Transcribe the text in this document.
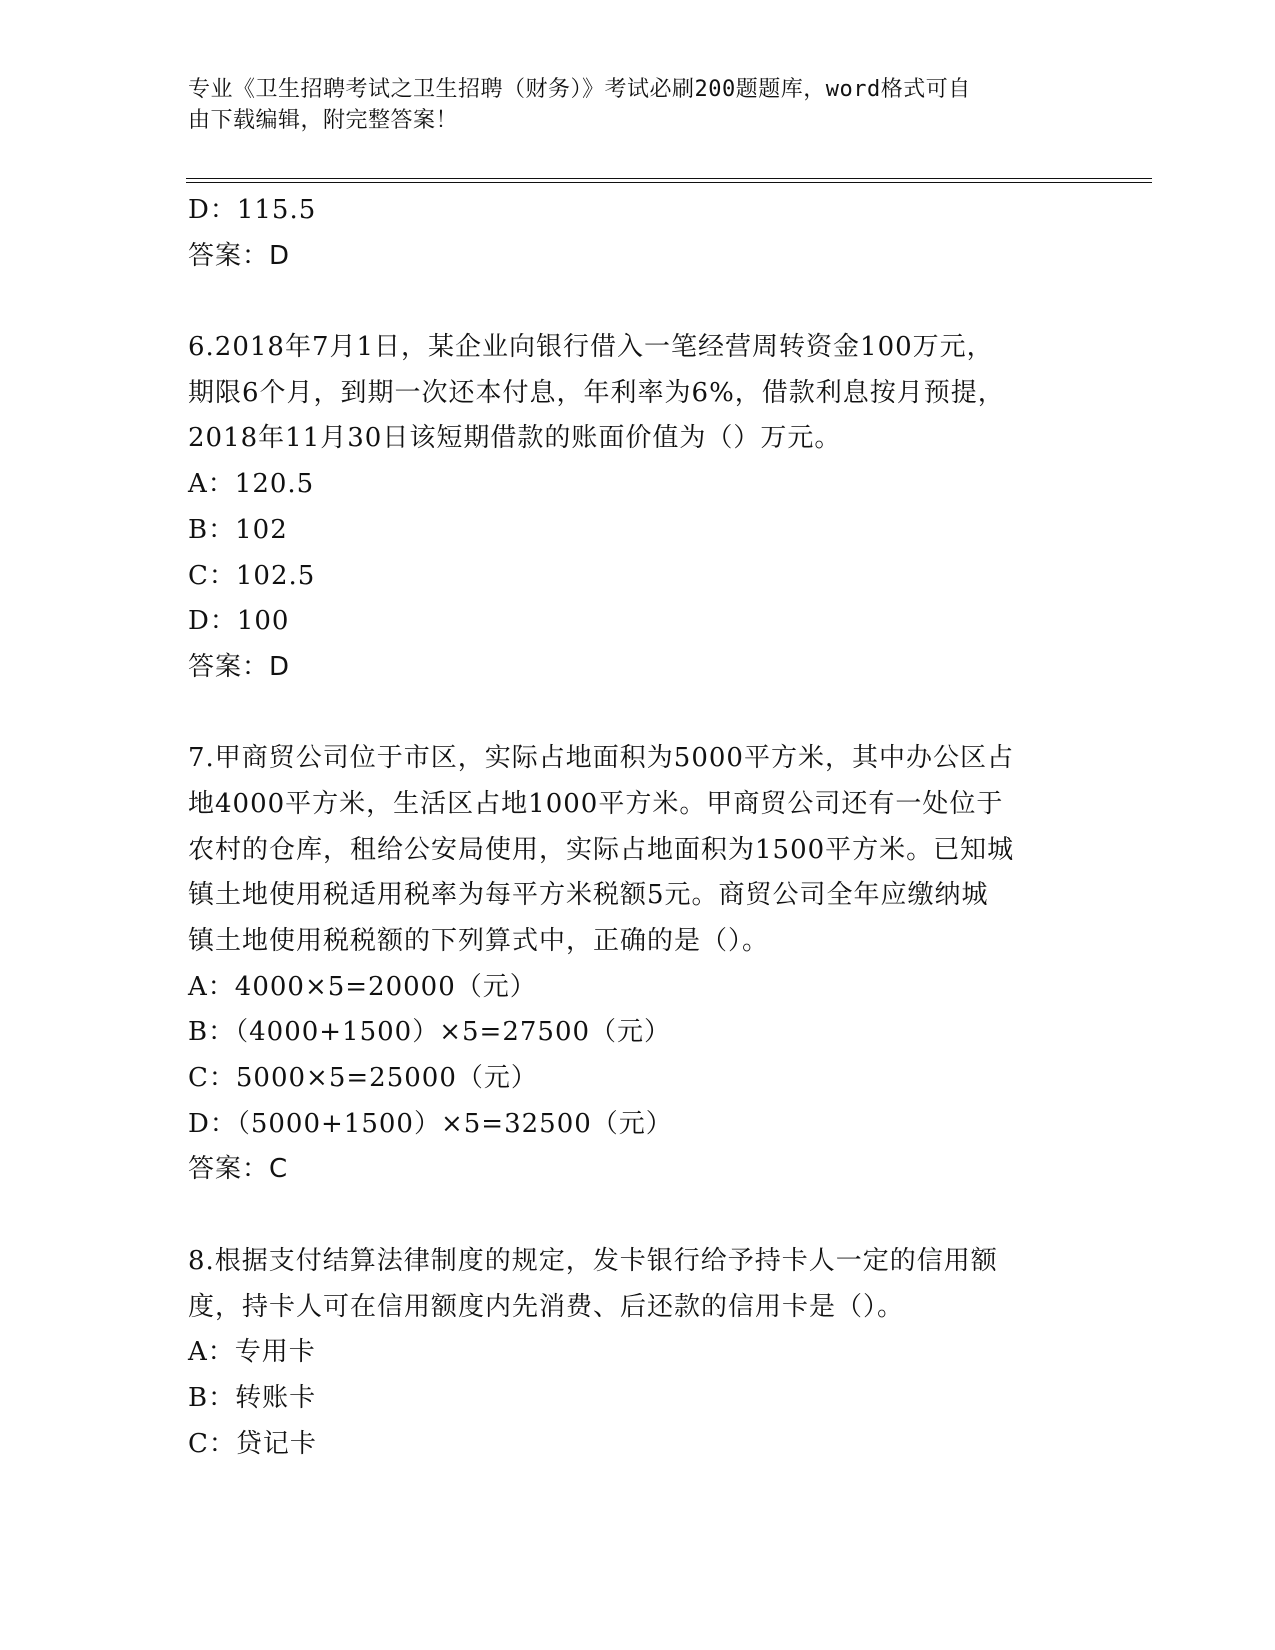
专业《卫生招聘考试之卫生招聘（财务）》考试必刷200题题库，word格式可自
由下载编辑，附完整答案！
D：115.5
答案：D
6.2018年7月1日，某企业向银行借入一笔经营周转资金100万元，
期限6个月，到期一次还本付息，年利率为6%，借款利息按月预提，
2018年11月30日该短期借款的账面价值为（）万元。
A：120.5
B：102
C：102.5
D：100
答案：D
7.甲商贸公司位于市区，实际占地面积为5000平方米，其中办公区占
地4000平方米，生活区占地1000平方米。甲商贸公司还有一处位于
农村的仓库，租给公安局使用，实际占地面积为1500平方米。已知城
镇土地使用税适用税率为每平方米税额5元。商贸公司全年应缴纳城
镇土地使用税税额的下列算式中，正确的是（）。
A：4000×5=20000（元）
B：（4000+1500）×5=27500（元）
C：5000×5=25000（元）
D：（5000+1500）×5=32500（元）
答案：C
8.根据支付结算法律制度的规定，发卡银行给予持卡人一定的信用额
度，持卡人可在信用额度内先消费、后还款的信用卡是（）。
A：专用卡
B：转账卡
C：贷记卡
